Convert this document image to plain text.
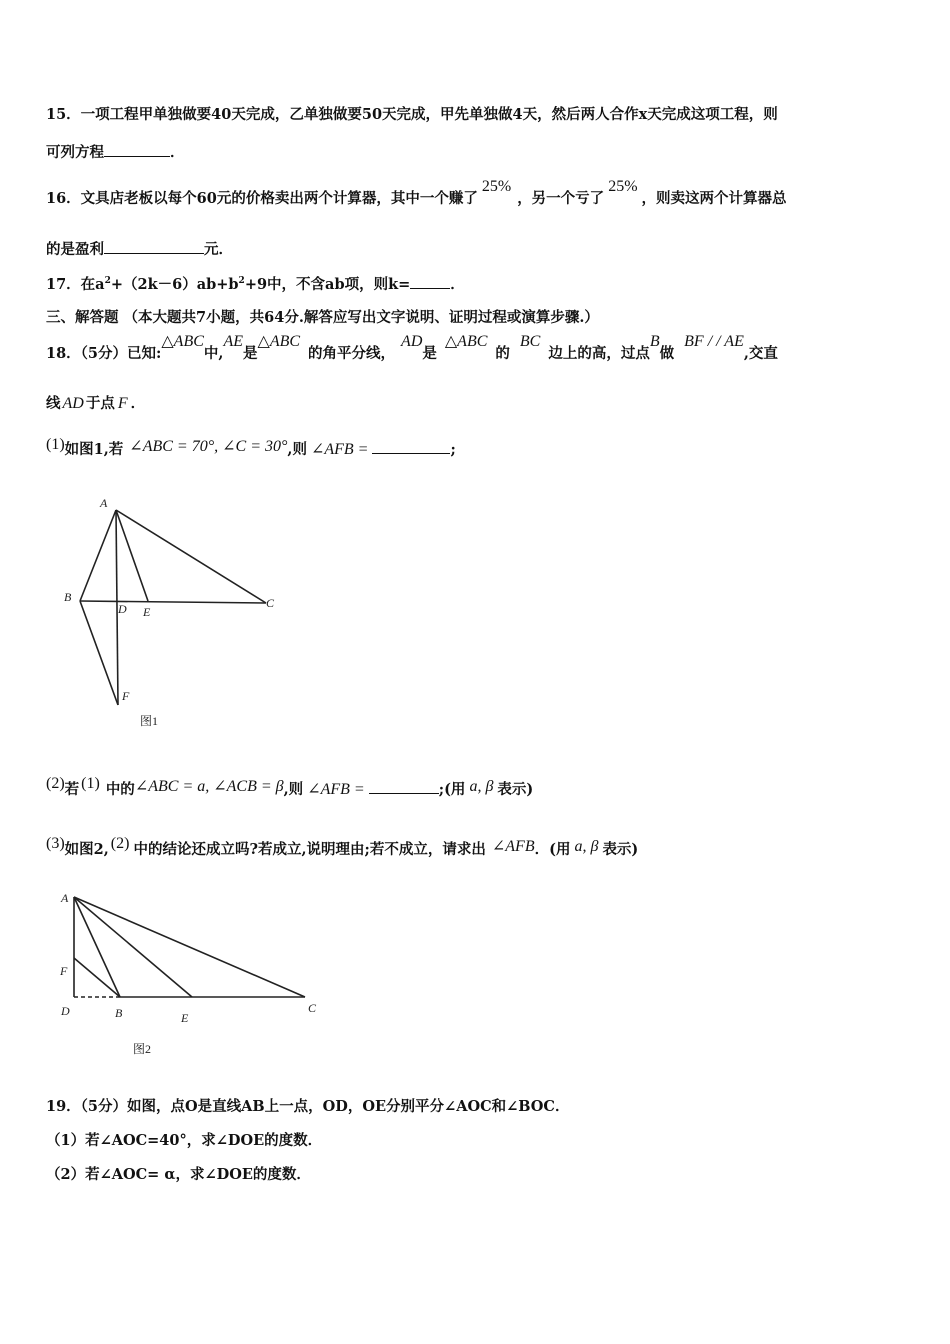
15．一项工程甲单独做要40天完成，乙单独做要50天完成，甲先单独做4天，然后两人合作x天完成这项工程，则
可列方程	．
16．文具店老板以每个60元的价格卖出两个计算器，其中一个赚了25%，另一个亏了25%，则卖这两个计算器总
的是盈利	元．
17．在$a^2+(2k-6)ab+b^2+9$中，不含ab项，则k=	．
三、解答题 （本大题共7小题，共64分.解答应写出文字说明、证明过程或演算步骤.）
18．（5分）已知:△ABC中,AE是△ABC的角平分线，AD是△ABC的BC边上的高，过点B做BF / / AE,交直
线 AD 于点 F ．
(1)如图1,若 ∠ABC = 70°, ∠C = 30°,则 ∠AFB =	;
A
B
D E
C
F
图1
(2)若 (1) 中的∠ABC = a, ∠ACB = β,则 ∠AFB =	;(用 a, β 表示)
(3)如图2, (2) 中的结论还成立吗?若成立,说明理由;若不成立，请求出 ∠AFB．(用 a, β 表示)
A
F
D	B	E
C
图2
19．（5分）如图，点O是直线AB上一点，OD，OE分别平分∠AOC和∠BOC．
（1）若∠AOC=40°，求∠DOE的度数．
（2）若∠AOC= α，求∠DOE的度数．
